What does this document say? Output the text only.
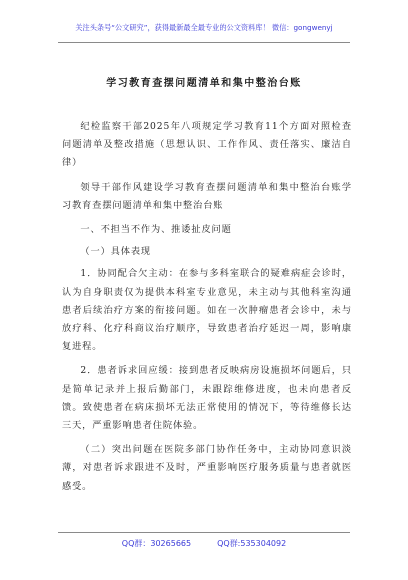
关注头条号“公文研究”，获得最新最全最专业的公文资料库！ 微信：gongwenyj
学习教育查摆问题清单和集中整治台账

纪检监察干部2025年八项规定学习教育11个方面对照检查问题清单及整改措施（思想认识、工作作风、责任落实、廉洁自律）

领导干部作风建设学习教育查摆问题清单和集中整治台账学习教育查摆问题清单和集中整治台账

一、不担当不作为、推诿扯皮问题

（一）具体表现

1．协同配合欠主动：在参与多科室联合的疑难病症会诊时，认为自身职责仅为提供本科室专业意见，未主动与其他科室沟通患者后续治疗方案的衔接问题。如在一次肿瘤患者会诊中，未与放疗科、化疗科商议治疗顺序，导致患者治疗延迟一周，影响康复进程。

2．患者诉求回应缓：接到患者反映病房设施损坏问题后，只是简单记录并上报后勤部门，未跟踪维修进度，也未向患者反馈。致使患者在病床损坏无法正常使用的情况下，等待维修长达三天，严重影响患者住院体验。

（二）突出问题在医院多部门协作任务中，主动协同意识淡薄，对患者诉求跟进不及时，严重影响医疗服务质量与患者就医感受。

QQ群：30265665	QQ群:535304092
